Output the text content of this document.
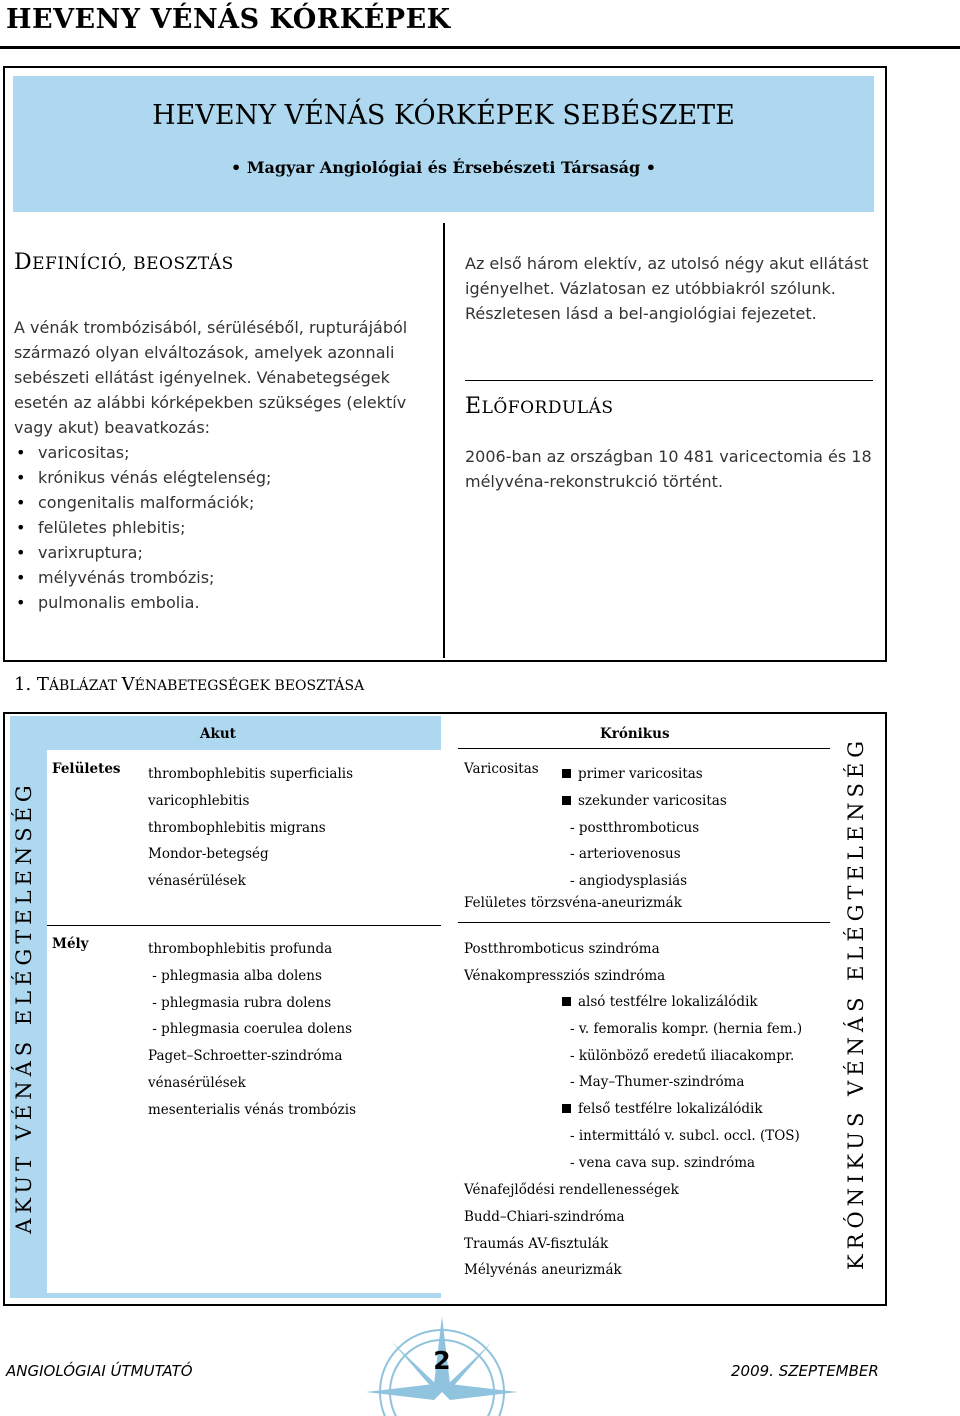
HEVENY VÉNÁS KÓRKÉPEK
HEVENY VÉNÁS KÓRKÉPEK SEBÉSZETE
• Magyar Angiológiai és Érsebészeti Társaság •
DEFINÍCIÓ, BEOSZTÁS
A vénák trombózisából, sérüléséből, rupturájából származó olyan elváltozások, amelyek azonnali sebészeti ellátást igényelnek. Vénabetegségek esetén az alábbi kórképekben szükséges (elektív vagy akut) beavatkozás:
• varicositas;
• krónikus vénás elégtelenség;
• congenitalis malformációk;
• felületes phlebitis;
• varixruptura;
• mélyvénás trombózis;
• pulmonalis embolia.
Az első három elektív, az utolsó négy akut ellátást igényelhet. Vázlatosan ez utóbbiakról szólunk. Részletesen lásd a bel-angiológiai fejezetet.
ELŐFORDULÁS
2006-ban az országban 10 481 varicectomia és 18 mélyvéna-rekonstrukció történt.
1. TÁBLÁZAT VÉNABETEGSÉGEK BEOSZTÁSA
Akut	Krónikus
AKUT VÉNÁS ELÉGTELENSÉG	KRÓNIKUS VÉNÁS ELÉGTELENSÉG
Felületes thrombophlebitis superficialis
varicophlebitis
thrombophlebitis migrans
Mondor-betegség
vénasérülések
Mély	thrombophlebitis profunda
- phlegmasia alba dolens
- phlegmasia rubra dolens
- phlegmasia coerulea dolens
Paget–Schroetter-szindróma
vénasérülések
mesenterialis vénás trombózis
Varicositas	primer varicositas
szekunder varicositas
- postthromboticus
- arteriovenosus
- angiodysplasiás
Felületes törzsvéna-aneurizmák
Postthromboticus szindróma
Vénakompressziós szindróma
alsó testfélre lokalizálódik
- v. femoralis kompr. (hernia fem.)
- különböző eredetű iliacakompr.
- May–Thumer-szindróma
felső testfélre lokalizálódik
- intermittáló v. subcl. occl. (TOS)
- vena cava sup. szindróma
Vénafejlődési rendellenességek
Budd–Chiari-szindróma
Traumás AV-fisztulák
Mélyvénás aneurizmák
ANGIOLÓGIAI ÚTMUTATÓ	2	2009. SZEPTEMBER
